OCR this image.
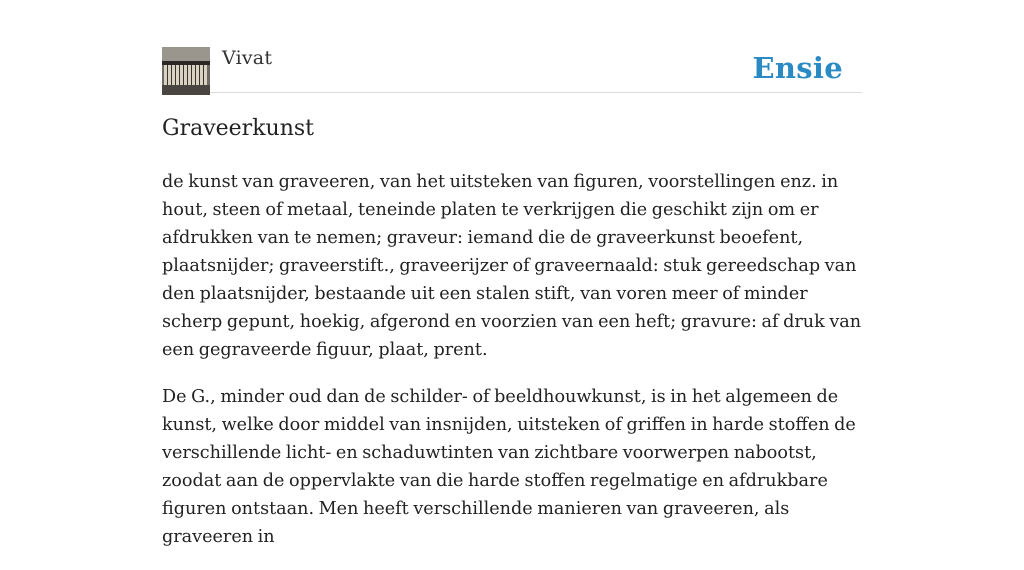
Vivat	Ensie
Graveerkunst

de kunst van graveeren, van het uitsteken van figuren, voorstellingen enz. in hout, steen of metaal, teneinde platen te verkrijgen die geschikt zijn om er afdrukken van te nemen; graveur: iemand die de graveerkunst beoefent, plaatsnijder; graveerstift., graveerijzer of graveernaald: stuk gereedschap van den plaatsnijder, bestaande uit een stalen stift, van voren meer of minder scherp gepunt, hoekig, afgerond en voorzien van een heft; gravure: af druk van een gegraveerde figuur, plaat, prent.

De G., minder oud dan de schilder- of beeldhouwkunst, is in het algemeen de kunst, welke door middel van insnijden, uitsteken of griffen in harde stoffen de verschillende licht- en schaduwtinten van zichtbare voorwerpen nabootst, zoodat aan de oppervlakte van die harde stoffen regelmatige en afdrukbare figuren ontstaan. Men heeft verschillende manieren van graveeren, als graveeren in
